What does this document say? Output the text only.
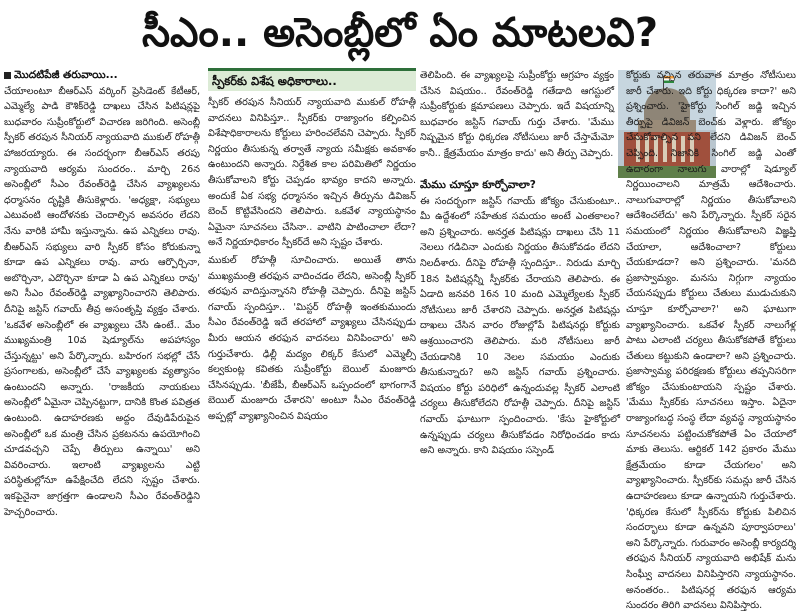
సీఎం.. అసెంబ్లీలో ఏం మాటలవి?
మొదటిపేజీ తరువాయి...

చేయాలంటూ బీఆర్ఎస్ వర్కింగ్ ప్రెసిడెంట్ కేటీఆర్, ఎమ్మెల్యే పాడి కౌశిక్‌రెడ్డి దాఖలు చేసిన పిటిషన్లపై బుధవారం సుప్రీంకోర్టులో విచారణ జరిగింది. అసెంబ్లీ స్పీకర్ తరపున సీనియర్ న్యాయవాది ముకుల్ రోహత్గీ హాజరయ్యారు. ఈ సందర్భంగా బీఆర్ఎస్ తరపు న్యాయవాది ఆర్యమ సుందరం.. మార్చి 26న అసెంబ్లీలో సీఎం రేవంత్‌రెడ్డి చేసిన వ్యాఖ్యలను ధర్మాసనం దృష్టికి తీసుకెళ్లారు. 'అధ్యక్షా, సభ్యులు ఎటువంటి ఆందోళనకు చెందాల్సిన అవసరం లేదని నేను వారికి హామీ ఇస్తున్నాను. ఉప ఎన్నికలు రావు. బీఆర్ఎస్ సభ్యులు వారి స్పీకర్ కోసం కోరుకున్నా కూడా ఉప ఎన్నికలు రావు. వారు ఆర్పొర్చినా, అబొర్చినా, ఎదొర్చినా కూడా ఏ ఉప ఎన్నికలు రావు' అని సీఎం రేవంత్‌రెడ్డి వ్యాఖ్యానించారని తెలిపారు. దీనిపై జస్టిస్ గవాయ్ తీవ్ర అసంతృప్తి వ్యక్తం చేశారు. 'ఒకవేళ అసెంబ్లీలో ఈ వ్యాఖ్యలు చేసి ఉంటే.. మేం ముఖ్యమంత్రి 10వ షెడ్యూల్‌ను అపహాస్యం చేస్తున్నట్టు' అని పేర్కొన్నారు. బహిరంగ సభల్లో చేసే ప్రసంగాలకు, అసెంబ్లీలో చేసే వ్యాఖ్యలకు వ్యత్యాసం ఉంటుందని అన్నారు. 'రాజకీయ నాయకులు అసెంబ్లీలో ఏమైనా చెప్పినట్టుగా, దానికి కొంత పవిత్రత ఉంటుంది. ఉదాహరణకు అద్దం దేవుడిపేరుపైన అసెంబ్లీలో ఒక మంత్రి చేసిన ప్రకటనను ఉపయోగించి చూడవచ్చని చెప్పే తీర్పులు ఉన్నాయి' అని వివరించారు. ఇలాంటి వ్యాఖ్యలను ఎట్టి పరిస్థితుల్లోనూ ఉపేక్షించేది లేదని స్పష్టం చేశారు. ఇకపైనైనా జాగ్రత్తగా ఉండాలని సీఎం రేవంత్‌రెడ్డిని హెచ్చరించారు.

స్పీకర్‌కు విశేష అధికారాలు..

స్పీకర్ తరపున సీనియర్ న్యాయవాది ముకుల్ రోహత్గీ వాదనలు వినిపిస్తూ.. స్పీకర్‌కు రాజ్యాంగం కల్పించిన విశేషాధికారాలను కోర్టులు హరించలేవని చెప్పారు. స్పీకర్ నిర్ణయం తీసుకున్న తర్వాతే న్యాయ సమీక్షకు అవకాశం ఉంటుందని అన్నారు. నిర్దేశిత కాల పరిమితిలో నిర్ణయం తీసుకోవాలని కోర్టు చెప్పడం భావ్యం కాదని అన్నారు. అందుకే ఏక సభ్య ధర్మాసనం ఇచ్చిన తీర్పును డివిజన్ బెంచ్ కొట్టివేసిందని తెలిపారు. ఒకవేళ న్యాయస్థానం ఏమైనా సూచనలు చేసినా.. వాటిని పాటించాలా లేదా? అనే నిర్ణయాధికారం స్పీకర్‌దే అని స్పష్టం చేశారు.

ముకుల్ రోహత్గీ సూచించారు. అయితే తాను ముఖ్యమంత్రి తరఫున వాదించడం లేదని, అసెంబ్లీ స్పీకర్ తరఫున వాదిస్తున్నానని రోహత్గీ చెప్పారు. దీనిపై జస్టిస్ గవాయ్ స్పందిస్తూ.. 'మిస్టర్ రోహత్గీ ఇంతకుముందు సీఎం రేవంత్‌రెడ్డి ఇదే తరహాలో వ్యాఖ్యలు చేసినప్పుడు మీరు ఆయన తరఫున వాదనలు వినిపించారు' అని గుర్తుచేశారు. ఢిల్లీ మద్యం లిక్కర్ కేసులో ఎమ్మెల్సీ కల్వకుంట్ల కవితకు సుప్రీంకోర్టు బెయిల్ మంజూరు చేసినప్పుడు. 'బీజేపీ, బీఆర్ఎస్ ఒప్పందంలో భాగంగానే బెయిల్ మంజూరు చేశారని' అంటూ సీఎం రేవంత్‌రెడ్డి అప్పట్లో వ్యాఖ్యానించిన విషయం

తెలిపింది. ఈ వ్యాఖ్యలపై సుప్రీంకోర్టు ఆగ్రహం వ్యక్తం చేసిన విషయం.. రేవంత్‌రెడ్డి గతేడాది ఆగస్టులో సుప్రీంకోర్టుకు క్షమాపణలు చెప్పారు. ఇదే విషయాన్ని బుధవారం జస్టిస్ గవాయ్ గుర్తు చేశారు. 'మేము నిష్పమైన కోర్టు ధిక్కరణ నోటీసులు జారీ చేస్తామేమో కానీ.. క్షేత్రమేయం మాత్రం కాదు' అని తీర్పు చెప్పారు.

మేము చూస్తూ కూర్చోవాలా?

ఈ సందర్భంగా జస్టిస్ గవాయ్ జోక్యం చేసుకుంటూ.. మీ ఉద్దేశంలో సహేతుక సమయం అంటే ఎంతకాలం? అని ప్రశ్నించారు. అనర్హత పిటిషన్లు దాఖలు చేసి 11 నెలలు గడిచినా ఎందుకు నిర్ణయం తీసుకోవడం లేదని నిలదీశారు. దీనిపై రోహత్గీ స్పందిస్తూ.. నిరుడు మార్చి 18న పిటిషన్లన్నీ స్పీకర్‌కు చేరాయని తెలిపారు. ఈ ఏడాది జనవరి 16న 10 మంది ఎమ్మెల్యేలకు స్పీకర్ నోటీసులు జారీ చేశారని చెప్పారు. అనర్హత పిటిషన్లు దాఖలు చేసిన వారం రోజుల్లోపే పిటిషనర్లు కోర్టుకు ఆశ్రయించారని తెలిపారు. మరి నోటీసులు జారీ చేయడానికి 10 నెలల సమయం ఎందుకు తీసుకున్నారు? అని జస్టిస్ గవాయ్ ప్రశ్నించారు. విషయం కోర్టు పరిధిలో ఉన్నందువల్ల స్పీకర్ ఎలాంటి చర్యలు తీసుకోలేదని రోహత్గీ చెప్పారు. దీనిపై జస్టిస్ గవాయ్ ఘాటుగా స్పందించారు. 'కేసు హైకోర్టులో ఉన్నప్పుడు చర్యలు తీసుకోవడం నిరోధించడం కాదు అని అన్నారు. కాని విషయం సస్పెండ్

కోర్టుకు వచ్చిన తరువాత మాత్రం నోటీసులు జారీ చేశారు. ఇది కోర్టు ధిక్కరణ కాదా?' అని ప్రశ్నించారు. 'హైకోర్టు సింగిల్ జడ్జి ఇచ్చిన తీర్పుపై డివిజన్ బెంచ్‌కు వెళ్లారు. జోక్యం చేసుకోవాల్సిన పని లేదని డివిజన్ బెంచ్ చెప్పింది. నిజానికి సింగిల్ జడ్జి ఎంతో ఉదారంగా నాలుగు వారాల్లో షెడ్యూల్ నిర్ణయించాలని మాత్రమే ఆదేశించారు. నాలుగువారాల్లో నిర్ణయం తీసుకోవాలని ఆదేశించలేదు' అని పేర్కొన్నారు. స్పీకర్ సరైన సమయంలో నిర్ణయం తీసుకోవాలని విజ్ఞప్తి చేయాలా, ఆదేశించాలా? కోర్టులు చేయకూడదా? అని ప్రశ్నించారు. 'మనది ప్రజాస్వామ్యం. మనసు నిగ్గుగా న్యాయం చేయనప్పుడు కోర్టులు చేతులు ముడుచుకుని చూస్తూ కూర్చోవాలా?' అని ఘాటుగా వ్యాఖ్యానించారు. ఒకవేళ స్పీకర్ నాలుగేళ్ల పాటు ఎలాంటి చర్యలు తీసుకోకపోతే కోర్టులు చేతులు కట్టుకుని ఉండాలా? అని ప్రశ్నించారు. ప్రజాస్వామ్య పరిరక్షణకు కోర్టులు తప్పనిసరిగా జోక్యం చేసుకుంటాయని స్పష్టం చేశారు. 'మేము స్పీకర్‌కు సూచనలు ఇస్తాం. ఏదైనా రాజ్యాంగబద్ధ సంస్థ లేదా వ్యవస్థ న్యాయస్థానం సూచనలను పట్టించుకోకపోతే ఏం చేయాలో మాకు తెలుసు. ఆర్టికల్ 142 ప్రకారం మేము క్షేత్రమేయం కూడా చేయగలం' అని వ్యాఖ్యానించారు. స్పీకర్‌కు సమన్లు జారీ చేసిన ఉదాహరణలు కూడా ఉన్నాయని గుర్తుచేశారు. 'ధిక్కరణ కేసులో స్పీకర్‌ను కోర్టుకు పిలిచిన సందర్భాలు కూడా ఉన్నవని పూర్వాపరాలు' అని పేర్కొన్నారు. గురువారం అసెంబ్లీ కార్యదర్శి తరఫున సీనియర్ న్యాయవాది అభిషేక్ మను సింఘ్వీ వాదనలు వినిపిస్తారని న్యాయస్థానం. అనంతరం.. పిటిషనర్ల తరఫున ఆర్యమ సుందరం తిరిగి వాదనలు వినిపిస్తారు.
